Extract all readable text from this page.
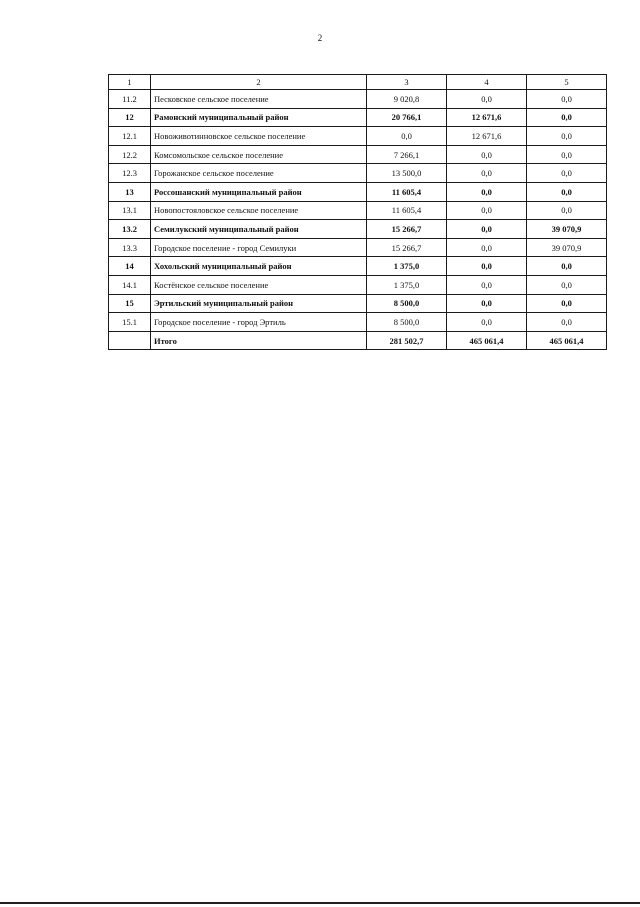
2
1	2	3	4	5
11.2	Песковское сельское поселение	9 020,8	0,0	0,0
12	Рамонский муниципальный район	20 766,1	12 671,6	0,0
12.1	Новоживотинновское сельское поселение	0,0	12 671,6	0,0
12.2	Комсомольское сельское поселение	7 266,1	0,0	0,0
12.3	Горожанское сельское поселение	13 500,0	0,0	0,0
13	Россошанский муниципальный район	11 605,4	0,0	0,0
13.1	Новопостояловское сельское поселение	11 605,4	0,0	0,0
13.2	Семилукский муниципальный район	15 266,7	0,0	39 070,9
13.3	Городское поселение - город Семилуки	15 266,7	0,0	39 070,9
14	Хохольский муниципальный район	1 375,0	0,0	0,0
14.1	Костёнское сельское поселение	1 375,0	0,0	0,0
15	Эртильский муниципальный район	8 500,0	0,0	0,0
15.1	Городское поселение - город Эртиль	8 500,0	0,0	0,0
	Итого	281 502,7	465 061,4	465 061,4
